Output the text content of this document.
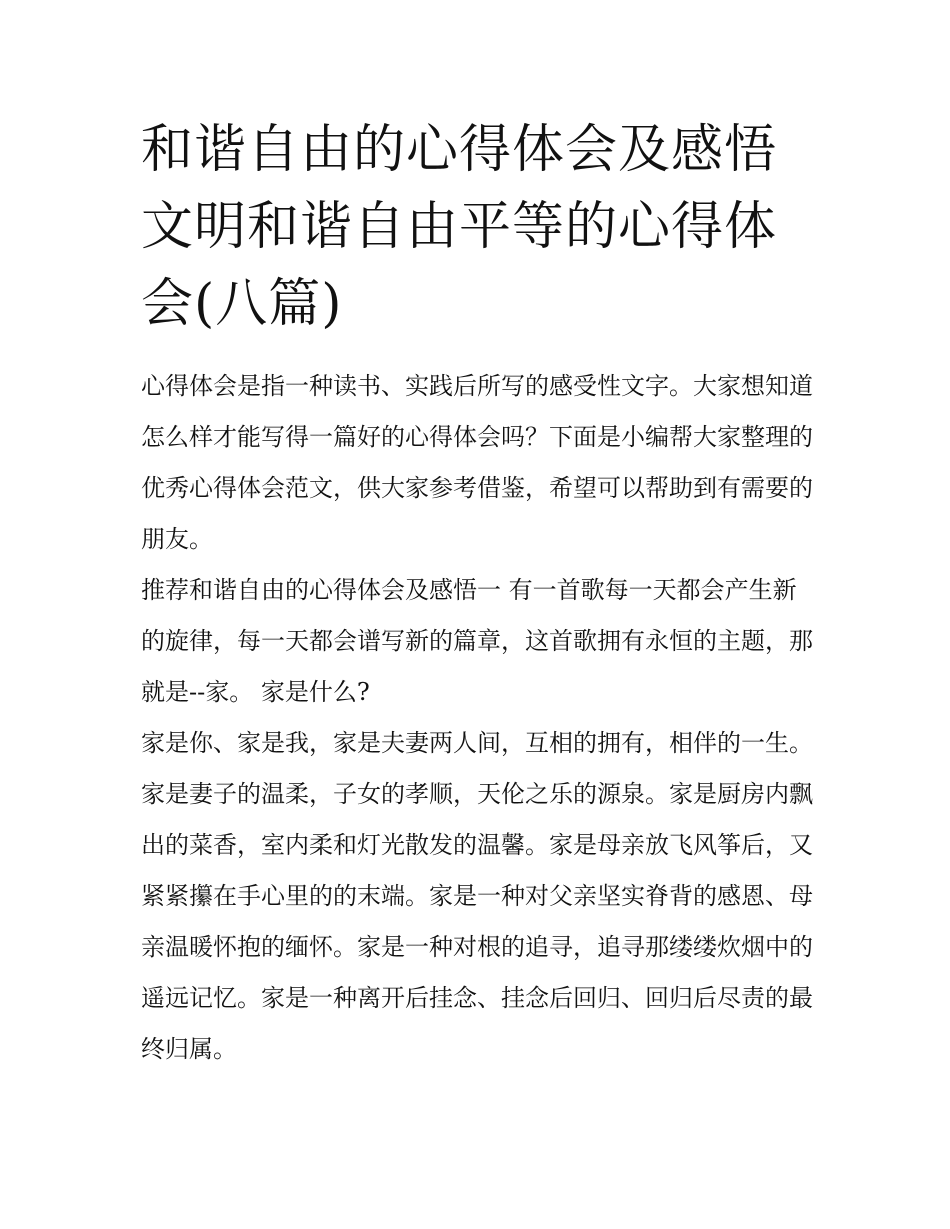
和谐自由的心得体会及感悟 文明和谐自由平等的心得体会(八篇)

心得体会是指一种读书、实践后所写的感受性文字。大家想知道怎么样才能写得一篇好的心得体会吗？下面是小编帮大家整理的优秀心得体会范文，供大家参考借鉴，希望可以帮助到有需要的朋友。

推荐和谐自由的心得体会及感悟一 有一首歌每一天都会产生新的旋律，每一天都会谱写新的篇章，这首歌拥有永恒的主题，那就是--家。 家是什么?

家是你、家是我，家是夫妻两人间，互相的拥有，相伴的一生。

家是妻子的温柔，子女的孝顺，天伦之乐的源泉。家是厨房内飘出的菜香，室内柔和灯光散发的温馨。家是母亲放飞风筝后，又紧紧攥在手心里的的末端。家是一种对父亲坚实脊背的感恩、母亲温暖怀抱的缅怀。家是一种对根的追寻，追寻那缕缕炊烟中的遥远记忆。家是一种离开后挂念、挂念后回归、回归后尽责的最终归属。
